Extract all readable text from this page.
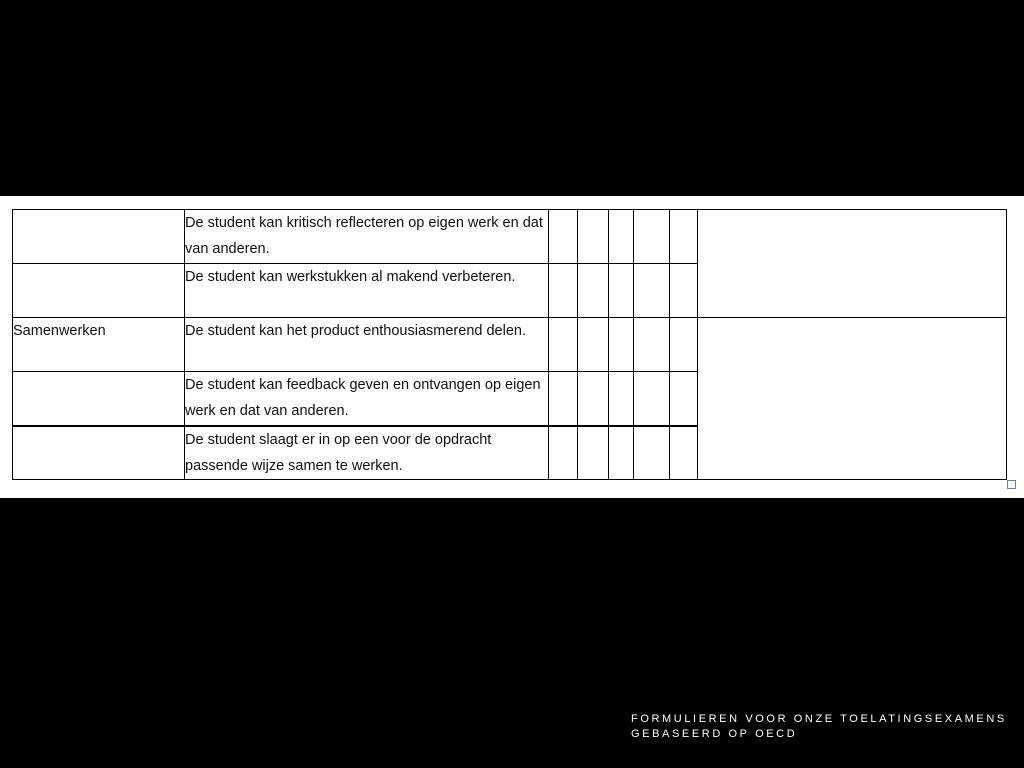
	De student kan kritisch reflecteren op eigen werk en dat van anderen.						
	De student kan werkstukken al makend verbeteren.						
Samenwerken	De student kan het product enthousiasmerend delen.						
	De student kan feedback geven en ontvangen op eigen werk en dat van anderen.						
	De student slaagt er in op een voor de opdracht passende wijze samen te werken.						
FORMULIEREN VOOR ONZE TOELATINGSEXAMENS
GEBASEERD OP OECD
